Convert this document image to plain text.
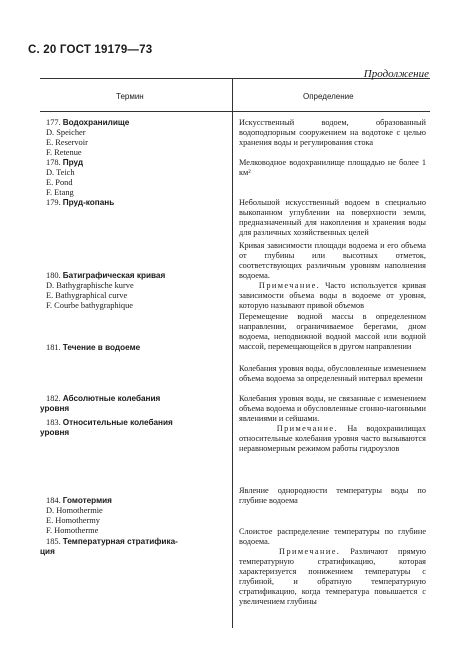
С. 20 ГОСТ 19179—73
Продолжение
Термин	Определение
177. Водохранилище
D. Speicher
E. Reservoir
F. Retenue
178. Пруд
D. Teich
E. Pond
F. Etang
179. Пруд-копань
180. Батиграфическая кривая
D. Bathygraphische kurve
E. Bathygraphical curve
F. Courbe bathygraphique
181. Течение в водоеме
182. Абсолютные колебания
уровня
183. Относительные колебания
уровня
184. Гомотермия
D. Homothermie
E. Homothermy
F. Homotherme
185. Температурная стратифика-
ция
Искусственный водоем, образованный водоподпорным сооружением на водотоке с целью хранения воды и регулирования стока
Мелководное водохранилище площадью не более 1 км²
Небольшой искусственный водоем в специально выкопанном углублении на поверхности земли, предназначенный для накопления и хранения воды для различных хозяйственных целей
Кривая зависимости площади водоема и его объема от глубины или высотных отметок, соответствующих различным уровням наполнения водоема.
Примечание. Часто используется кривая зависимости объема воды в водоеме от уровня, которую называют привой объемов
Перемещение водной массы в определенном направлении, ограничиваемое берегами, дном водоема, неподвижной водной массой или водной массой, перемещающейся в другом направлении
Колебания уровня воды, обусловленные изменением объема водоема за определенный интервал времени
Колебания уровня воды, не связанные с изменением объема водоема и обусловленные сгонно-нагонными явлениями и сейшами.
Примечание. На водохранилищах относительные колебания уровня часто вызываются неравномерным режимом работы гидроузлов
Явление однородности температуры воды по глубине водоема
Слоистое распределение температуры по глубине водоема.
Примечание. Различают прямую температурную стратификацию, которая характеризуется понижением температуры с глубиной, и обратную температурную стратификацию, когда температура повышается с увеличением глубины
